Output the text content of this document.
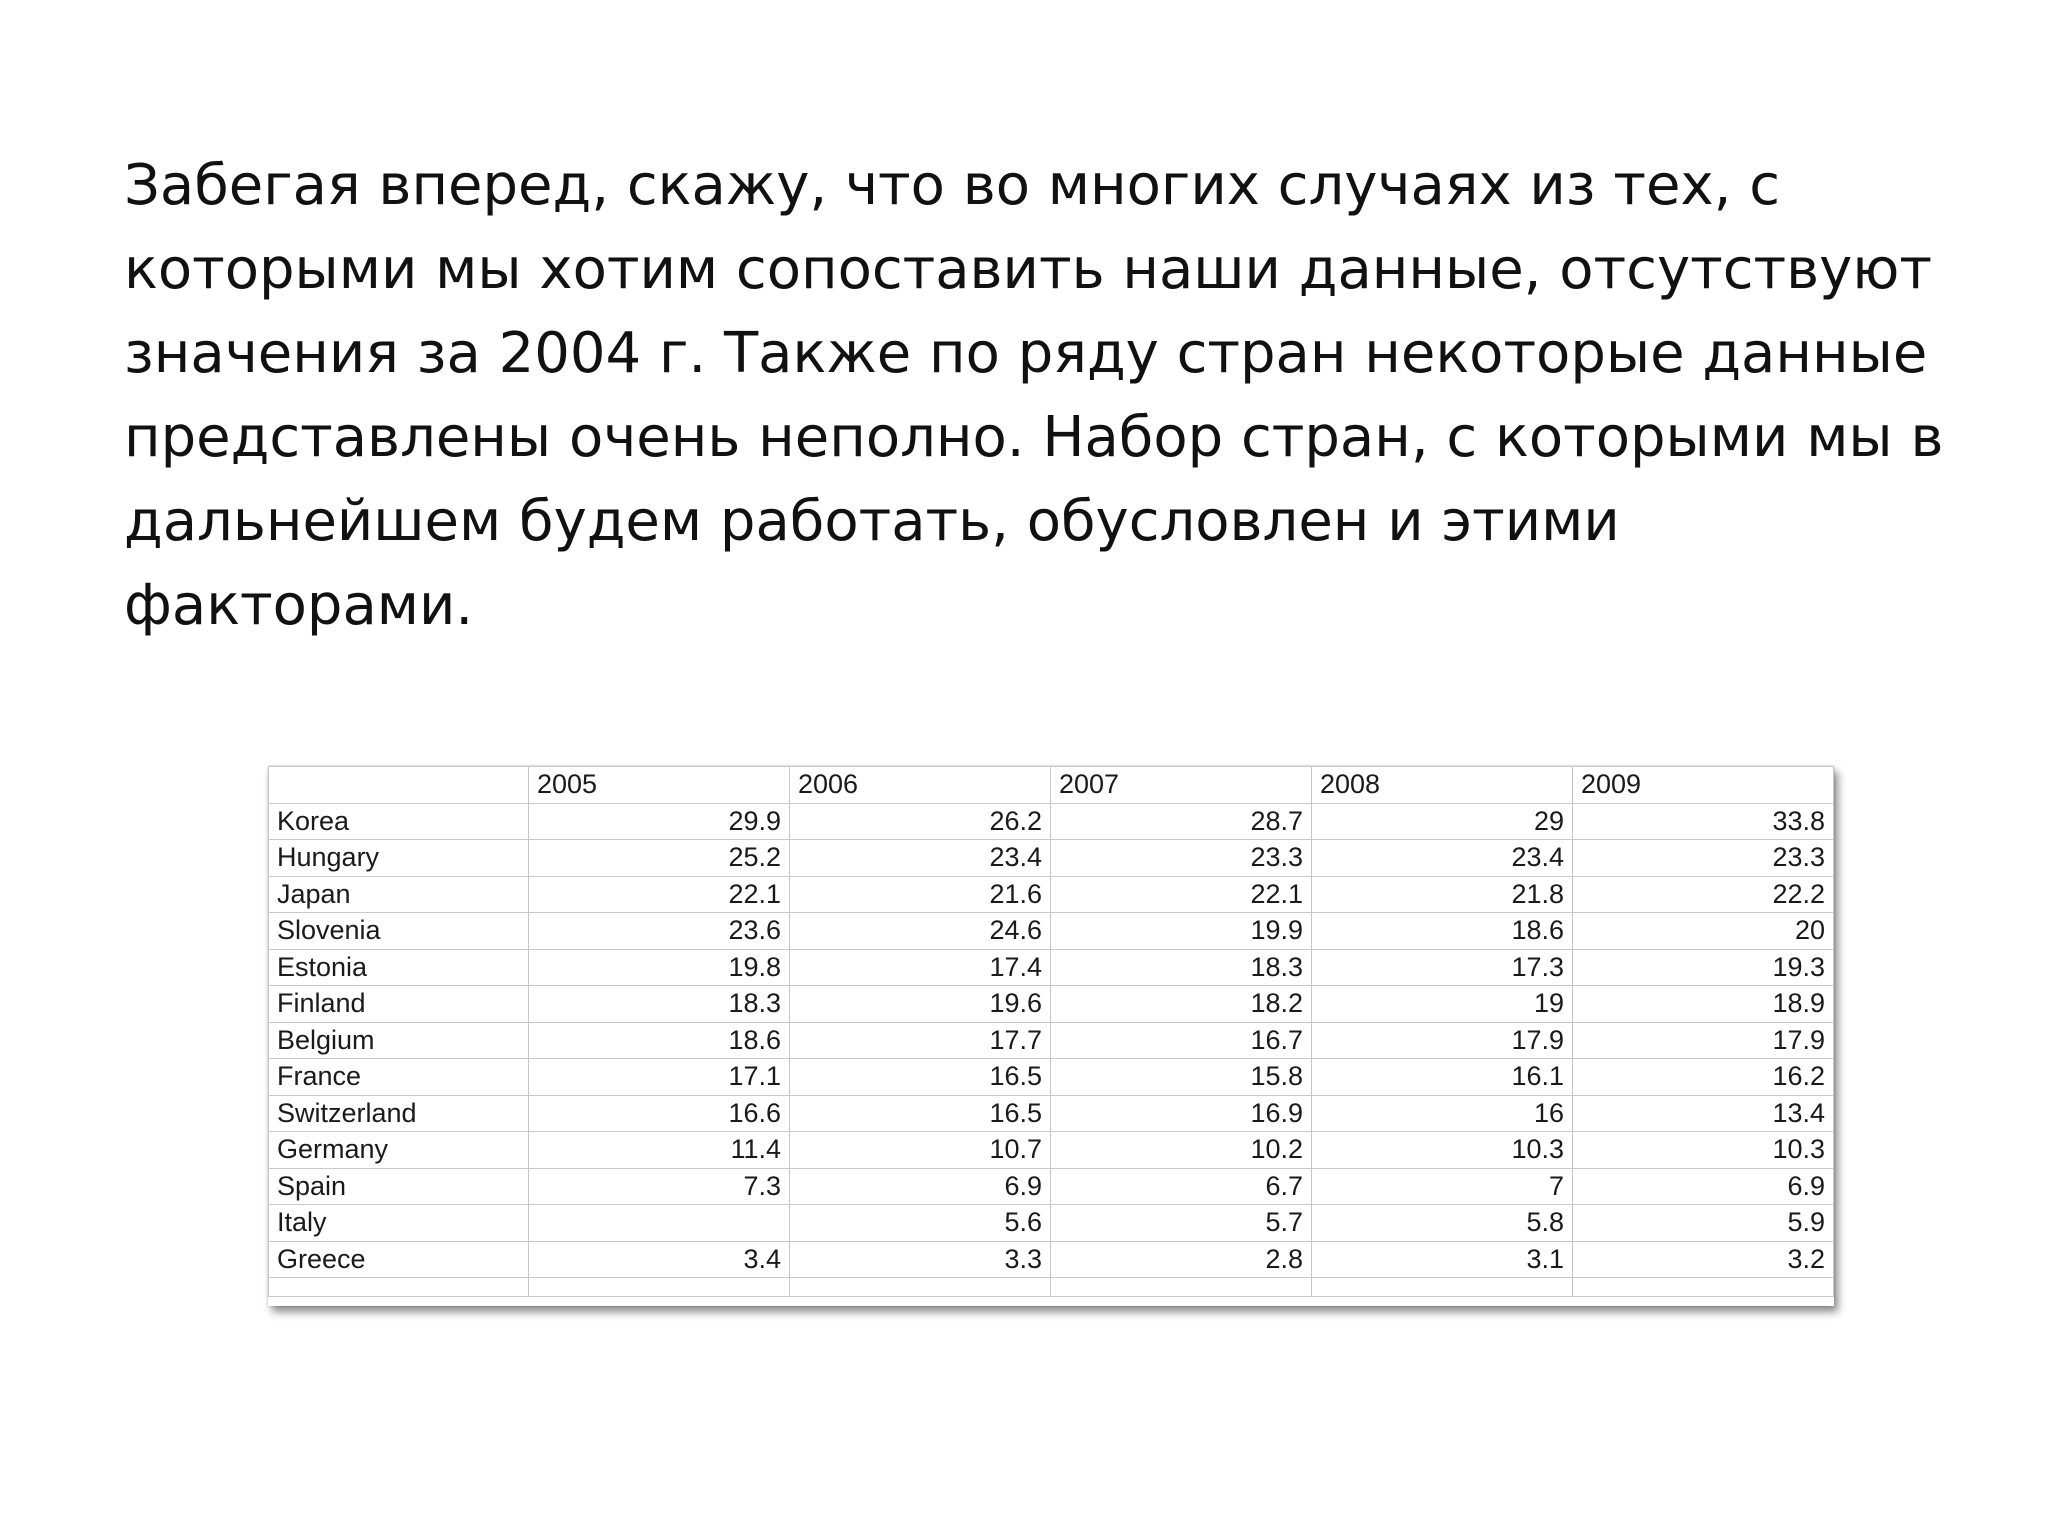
Забегая вперед, скажу, что во многих случаях из тех, с
которыми мы хотим сопоставить наши данные, отсутствуют
значения за 2004 г. Также по ряду стран некоторые данные
представлены очень неполно. Набор стран, с которыми мы в
дальнейшем будем работать, обусловлен и этими
факторами.
	2005	2006	2007	2008	2009
Korea	29.9	26.2	28.7	29	33.8
Hungary	25.2	23.4	23.3	23.4	23.3
Japan	22.1	21.6	22.1	21.8	22.2
Slovenia	23.6	24.6	19.9	18.6	20
Estonia	19.8	17.4	18.3	17.3	19.3
Finland	18.3	19.6	18.2	19	18.9
Belgium	18.6	17.7	16.7	17.9	17.9
France	17.1	16.5	15.8	16.1	16.2
Switzerland	16.6	16.5	16.9	16	13.4
Germany	11.4	10.7	10.2	10.3	10.3
Spain	7.3	6.9	6.7	7	6.9
Italy		5.6	5.7	5.8	5.9
Greece	3.4	3.3	2.8	3.1	3.2
